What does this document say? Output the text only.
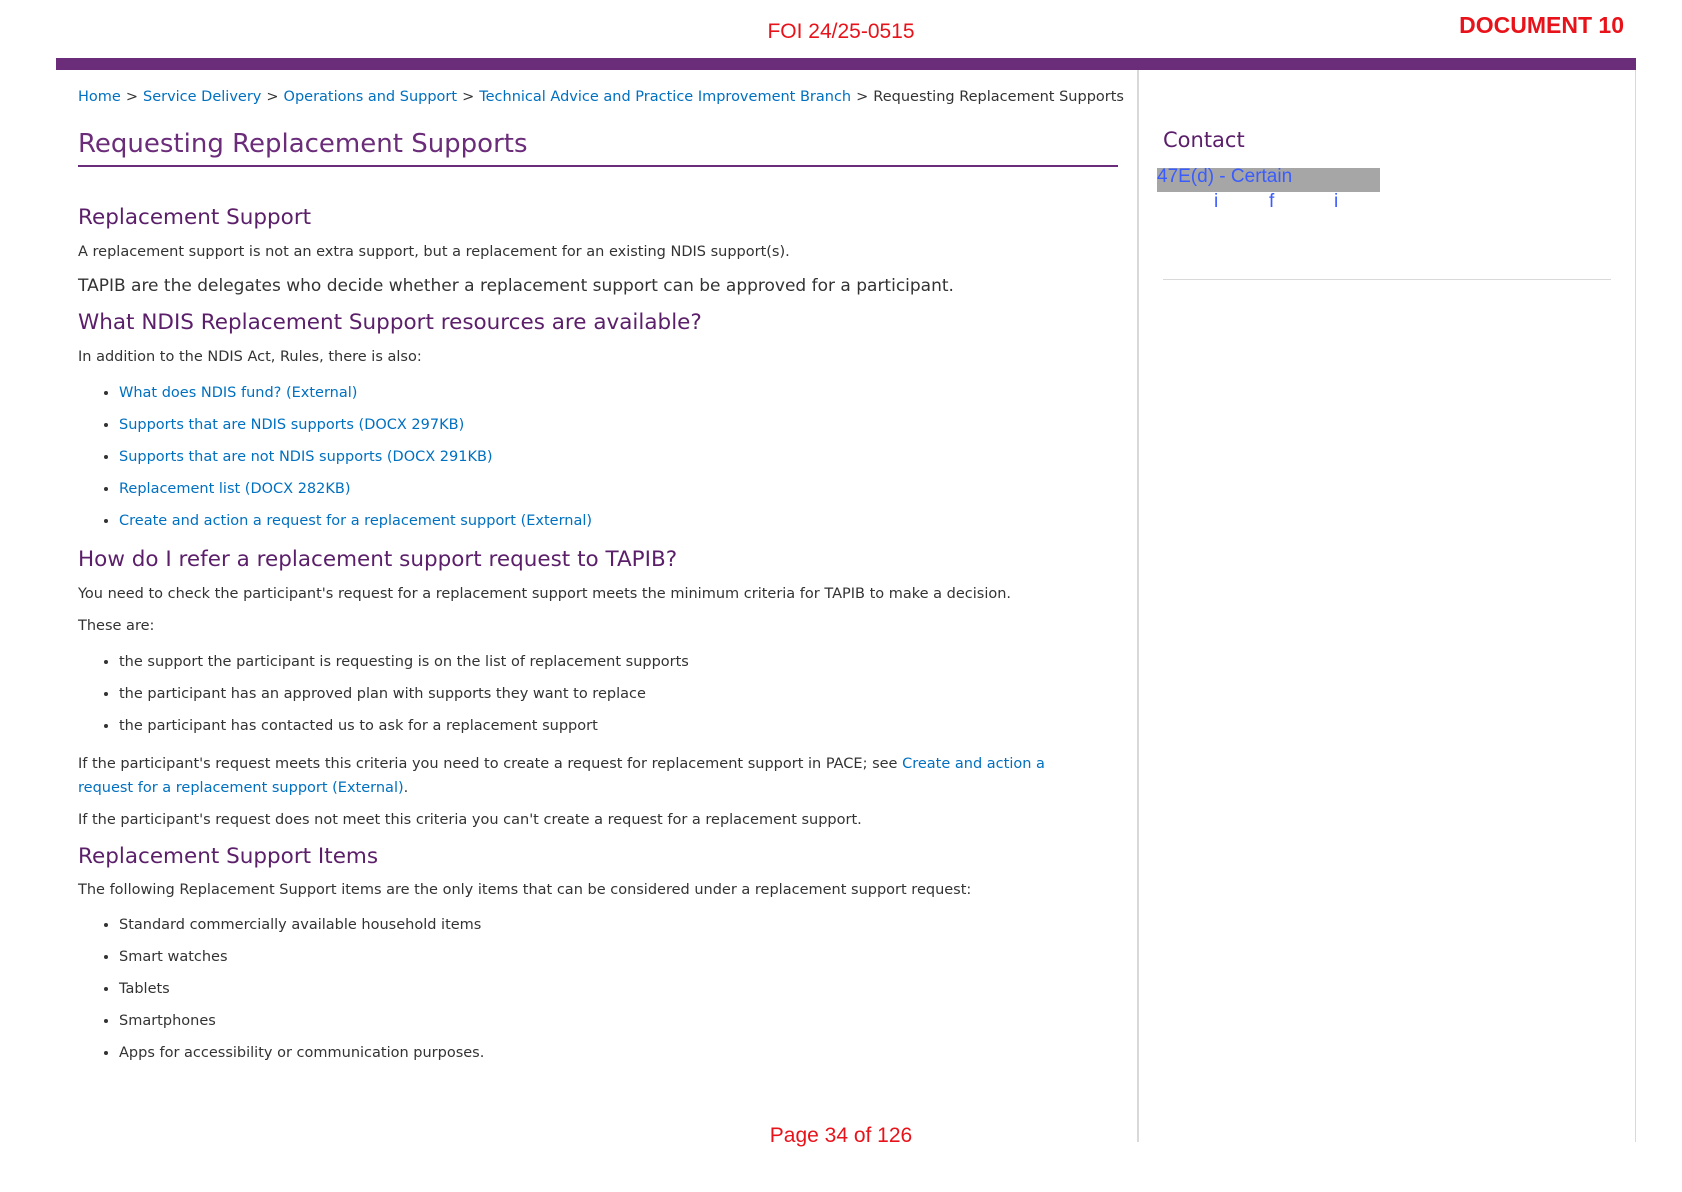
FOI 24/25-0515	DOCUMENT 10
Home > Service Delivery > Operations and Support > Technical Advice and Practice Improvement Branch > Requesting Replacement Supports
Requesting Replacement Supports
Replacement Support

A replacement support is not an extra support, but a replacement for an existing NDIS support(s).

TAPIB are the delegates who decide whether a replacement support can be approved for a participant.

What NDIS Replacement Support resources are available?

In addition to the NDIS Act, Rules, there is also:

• What does NDIS fund? (External)
• Supports that are NDIS supports (DOCX 297KB)
• Supports that are not NDIS supports (DOCX 291KB)
• Replacement list (DOCX 282KB)
• Create and action a request for a replacement support (External)
How do I refer a replacement support request to TAPIB?

You need to check the participant's request for a replacement support meets the minimum criteria for TAPIB to make a decision.

These are:

• the support the participant is requesting is on the list of replacement supports
• the participant has an approved plan with supports they want to replace
• the participant has contacted us to ask for a replacement support

If the participant's request meets this criteria you need to create a request for replacement support in PACE; see Create and action a request for a replacement support (External).

If the participant's request does not meet this criteria you can't create a request for a replacement support.

Replacement Support Items

The following Replacement Support items are the only items that can be considered under a replacement support request:

• Standard commercially available household items
• Smart watches
• Tablets
• Smartphones
• Apps for accessibility or communication purposes.
Contact
47E(d) - Certain
i	f	i
Page 34 of 126
